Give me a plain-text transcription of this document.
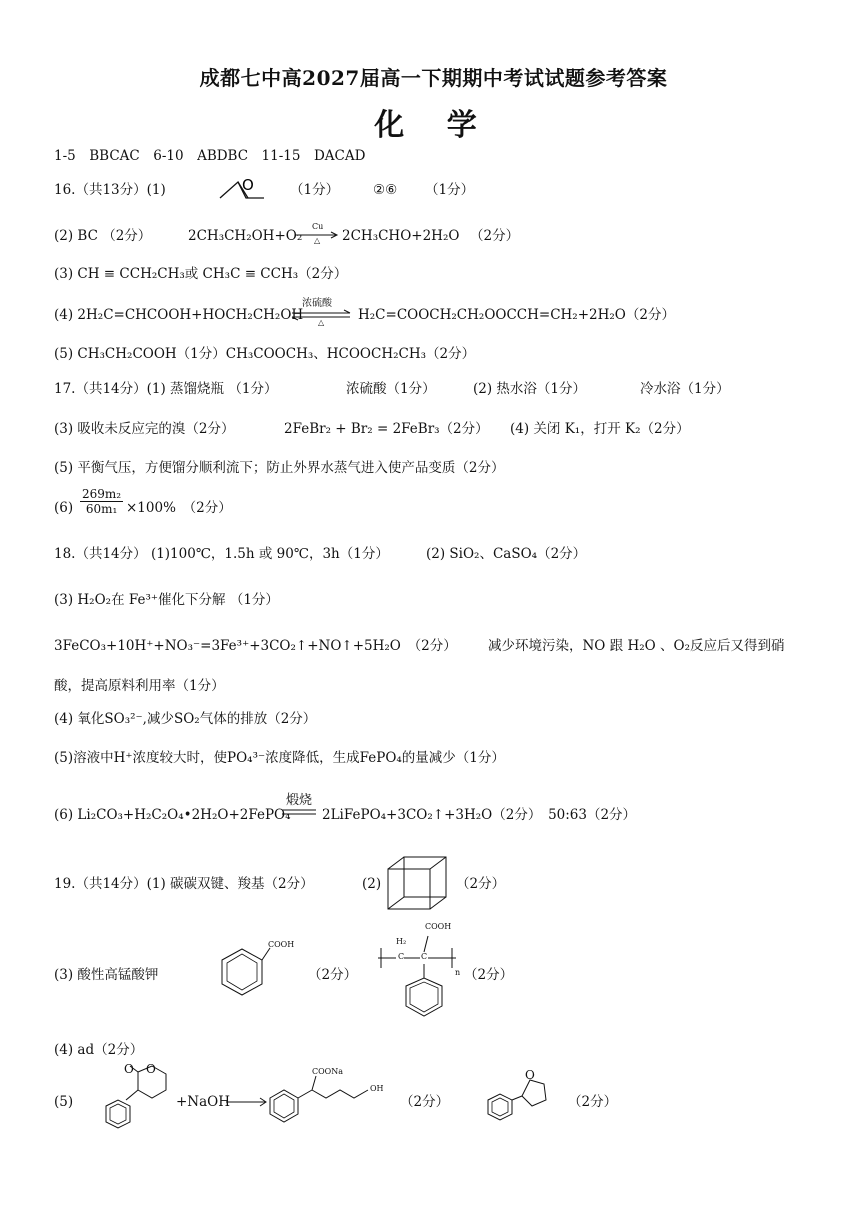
成都七中高2027届高一下期期中考试试题参考答案
化 学
1-5　BBCAC　6-10　ABDBC　11-15　DACAD
16.（共13分）(1)	O	（1分）	②⑥ （1分）
(2) BC （2分）	2CH₃CH₂OH+O₂
Cu
△ 2CH₃CHO+2H₂O （2分）
(3) CH ≡ CCH₂CH₃或 CH₃C ≡ CCH₃（2分）
(4) 2H₂C=CHCOOH+HOCH₂CH₂OH
浓硫酸
△	H₂C=COOCH₂CH₂OOCCH=CH₂+2H₂O（2分）
(5) CH₃CH₂COOH（1分）CH₃COOCH₃、HCOOCH₂CH₃（2分）
17.（共14分）(1) 蒸馏烧瓶 （1分）	浓硫酸（1分）	(2) 热水浴（1分）	冷水浴（1分）
(3) 吸收未反应完的溴（2分）	2FeBr₂ + Br₂ = 2FeBr₃（2分） (4) 关闭 K₁，打开 K₂（2分）
(5) 平衡气压，方便馏分顺利流下；防止外界水蒸气进入使产品变质（2分）
$(6) \frac{\text{269m₂}}{\text{60m₁}} \times 100\%$　（2分）
18.（共14分） (1)100℃，1.5h 或 90℃，3h（1分）	(2) SiO₂、CaSO₄（2分）
(3) H₂O₂在 Fe³⁺催化下分解 （1分）
3FeCO₃+10H⁺+NO₃⁻=3Fe³⁺+3CO₂↑+NO↑+5H₂O　（2分） 减少环境污染，NO 跟 H₂O 、O₂反应后又得到硝
酸，提高原料利用率（1分）
(4) 氧化SO₃²⁻,减少SO₂气体的排放（2分）
(5)溶液中H⁺浓度较大时，使PO₄³⁻浓度降低，生成FePO₄的量减少（1分）
(6) Li₂CO₃+H₂C₂O₄•2H₂O+2FePO₄
煅烧
2LiFePO₄+3CO₂↑+3H₂O（2分）　50:63（2分）
19.（共14分）(1) 碳碳双键、羧基（2分）	(2)	（2分）
(3) 酸性高锰酸钾
COOH
（2分）
COOH
H₂
C C
n （2分）
(4) ad（2分）
(5)
O O
+NaOH
COONa
OH
（2分）
O
（2分）
